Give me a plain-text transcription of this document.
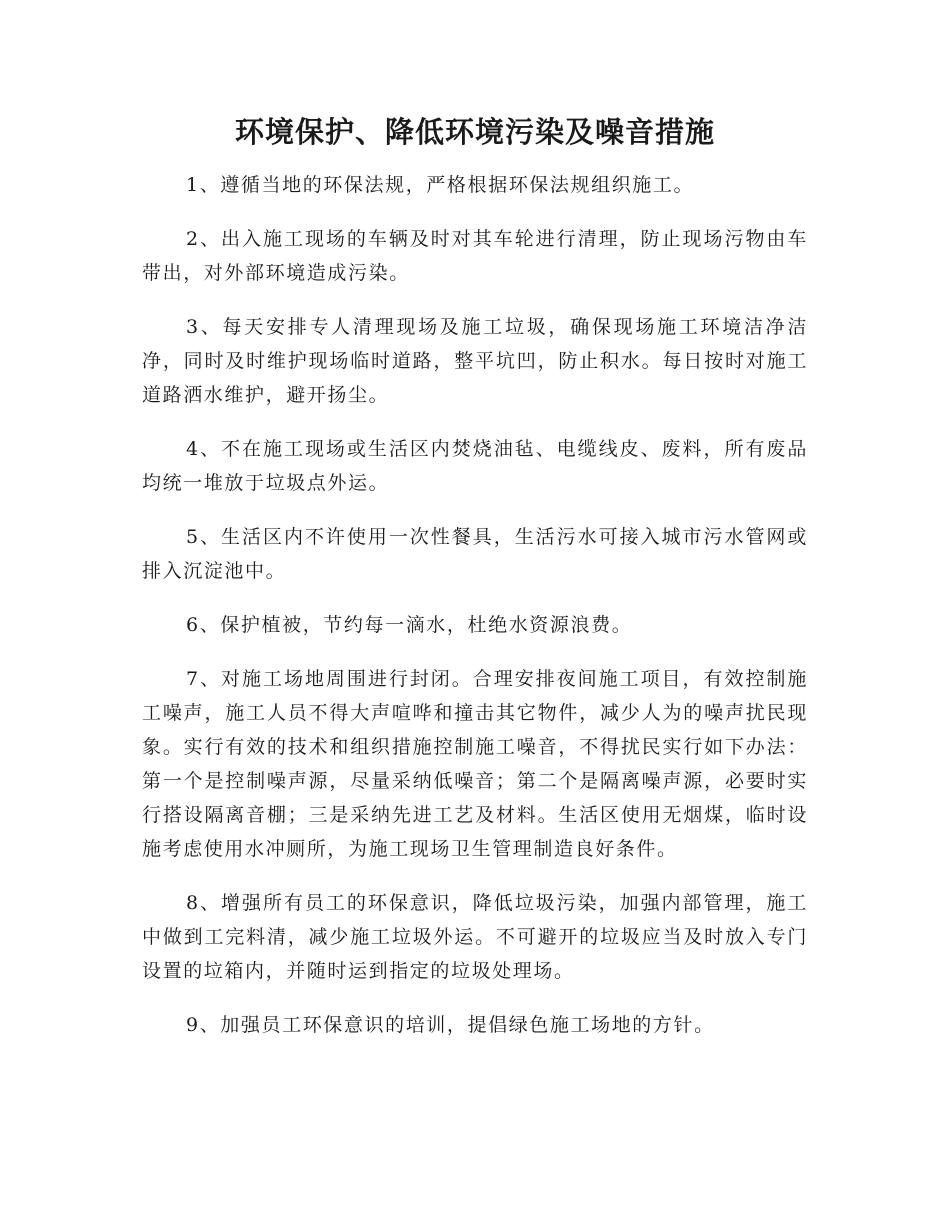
环境保护、降低环境污染及噪音措施

1、遵循当地的环保法规，严格根据环保法规组织施工。

2、出入施工现场的车辆及时对其车轮进行清理，防止现场污物由车带出，对外部环境造成污染。

3、每天安排专人清理现场及施工垃圾，确保现场施工环境洁净洁净，同时及时维护现场临时道路，整平坑凹，防止积水。每日按时对施工道路洒水维护，避开扬尘。

4、不在施工现场或生活区内焚烧油毡、电缆线皮、废料，所有废品均统一堆放于垃圾点外运。

5、生活区内不许使用一次性餐具，生活污水可接入城市污水管网或排入沉淀池中。

6、保护植被，节约每一滴水，杜绝水资源浪费。

7、对施工场地周围进行封闭。合理安排夜间施工项目，有效控制施工噪声，施工人员不得大声喧哗和撞击其它物件，减少人为的噪声扰民现象。实行有效的技术和组织措施控制施工噪音，不得扰民实行如下办法：第一个是控制噪声源，尽量采纳低噪音；第二个是隔离噪声源，必要时实行搭设隔离音棚；三是采纳先进工艺及材料。生活区使用无烟煤，临时设施考虑使用水冲厕所，为施工现场卫生管理制造良好条件。

8、增强所有员工的环保意识，降低垃圾污染，加强内部管理，施工中做到工完料清，减少施工垃圾外运。不可避开的垃圾应当及时放入专门设置的垃箱内，并随时运到指定的垃圾处理场。

9、加强员工环保意识的培训，提倡绿色施工场地的方针。
